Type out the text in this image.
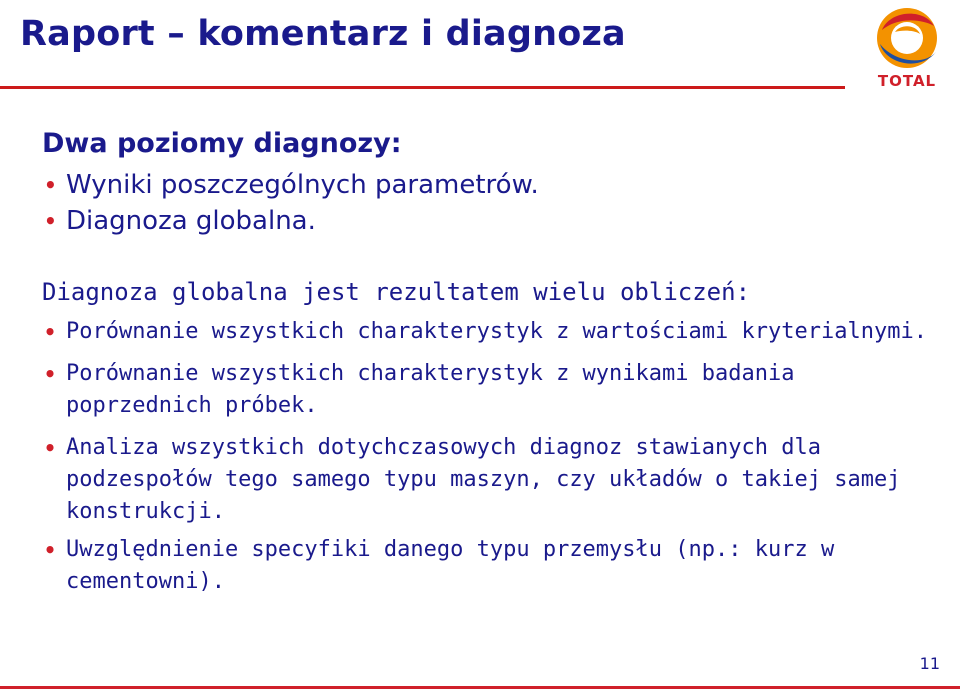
Raport – komentarz i diagnoza
TOTAL

Dwa poziomy diagnozy:

• Wyniki poszczególnych parametrów.
• Diagnoza globalna.

Diagnoza globalna jest rezultatem wielu obliczeń:

• Porównanie wszystkich charakterystyk z wartościami kryterialnymi.
• Porównanie wszystkich charakterystyk z wynikami badania poprzednich próbek.
• Analiza wszystkich dotychczasowych diagnoz stawianych dla podzespołów tego samego typu maszyn, czy układów o takiej samej konstrukcji.
• Uwzględnienie specyfiki danego typu przemysłu (np.: kurz w cementowni).
11
